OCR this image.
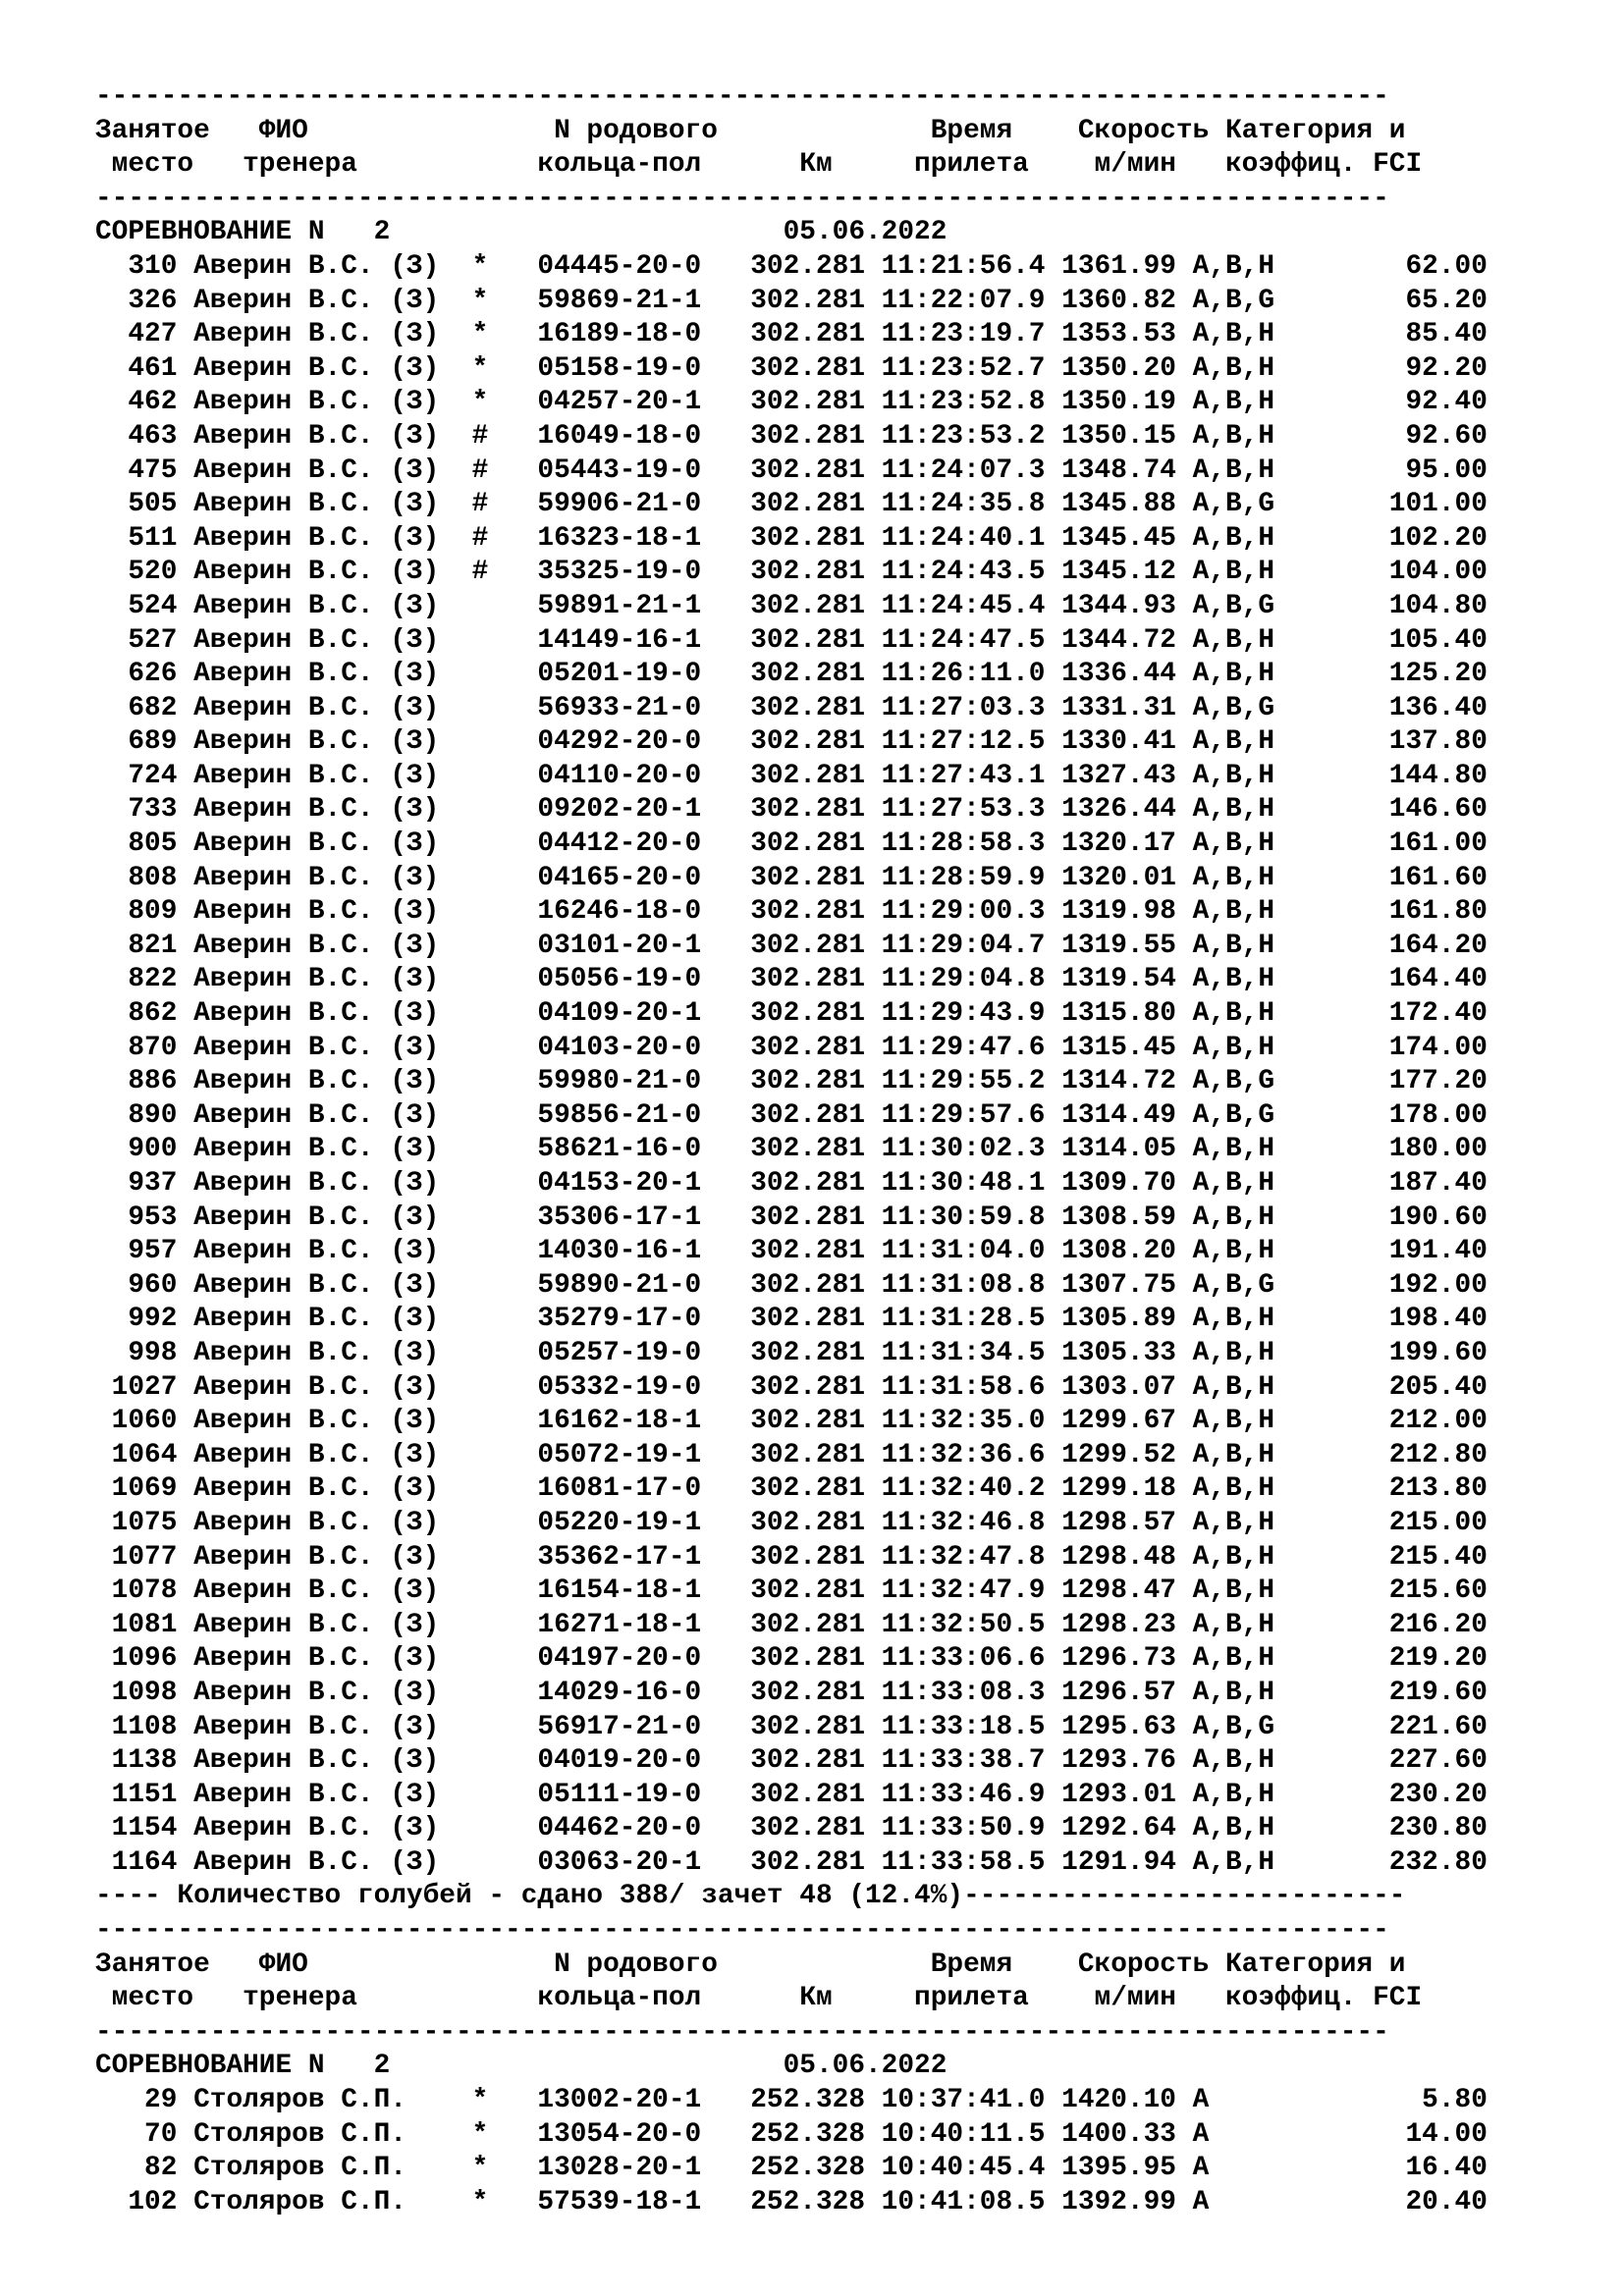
-------------------------------------------------------------------------------
Занятое   ФИО               N родового             Время    Скорость Категория и
место   тренера           кольца-пол      Км     прилета    м/мин   коэффиц. FCI
-------------------------------------------------------------------------------
СОРЕВНОВАНИЕ N   2                        05.06.2022
310 Аверин В.С. (З)  *   04445-20-0   302.281 11:21:56.4 1361.99 A,B,H        62.00
326 Аверин В.С. (З)  *   59869-21-1   302.281 11:22:07.9 1360.82 A,B,G        65.20
427 Аверин В.С. (З)  *   16189-18-0   302.281 11:23:19.7 1353.53 A,B,H        85.40
461 Аверин В.С. (З)  *   05158-19-0   302.281 11:23:52.7 1350.20 A,B,H        92.20
462 Аверин В.С. (З)  *   04257-20-1   302.281 11:23:52.8 1350.19 A,B,H        92.40
463 Аверин В.С. (З)  #   16049-18-0   302.281 11:23:53.2 1350.15 A,B,H        92.60
475 Аверин В.С. (З)  #   05443-19-0   302.281 11:24:07.3 1348.74 A,B,H        95.00
505 Аверин В.С. (З)  #   59906-21-0   302.281 11:24:35.8 1345.88 A,B,G       101.00
511 Аверин В.С. (З)  #   16323-18-1   302.281 11:24:40.1 1345.45 A,B,H       102.20
520 Аверин В.С. (З)  #   35325-19-0   302.281 11:24:43.5 1345.12 A,B,H       104.00
524 Аверин В.С. (З)      59891-21-1   302.281 11:24:45.4 1344.93 A,B,G       104.80
527 Аверин В.С. (З)      14149-16-1   302.281 11:24:47.5 1344.72 A,B,H       105.40
626 Аверин В.С. (З)      05201-19-0   302.281 11:26:11.0 1336.44 A,B,H       125.20
682 Аверин В.С. (З)      56933-21-0   302.281 11:27:03.3 1331.31 A,B,G       136.40
689 Аверин В.С. (З)      04292-20-0   302.281 11:27:12.5 1330.41 A,B,H       137.80
724 Аверин В.С. (З)      04110-20-0   302.281 11:27:43.1 1327.43 A,B,H       144.80
733 Аверин В.С. (З)      09202-20-1   302.281 11:27:53.3 1326.44 A,B,H       146.60
805 Аверин В.С. (З)      04412-20-0   302.281 11:28:58.3 1320.17 A,B,H       161.00
808 Аверин В.С. (З)      04165-20-0   302.281 11:28:59.9 1320.01 A,B,H       161.60
809 Аверин В.С. (З)      16246-18-0   302.281 11:29:00.3 1319.98 A,B,H       161.80
821 Аверин В.С. (З)      03101-20-1   302.281 11:29:04.7 1319.55 A,B,H       164.20
822 Аверин В.С. (З)      05056-19-0   302.281 11:29:04.8 1319.54 A,B,H       164.40
862 Аверин В.С. (З)      04109-20-1   302.281 11:29:43.9 1315.80 A,B,H       172.40
870 Аверин В.С. (З)      04103-20-0   302.281 11:29:47.6 1315.45 A,B,H       174.00
886 Аверин В.С. (З)      59980-21-0   302.281 11:29:55.2 1314.72 A,B,G       177.20
890 Аверин В.С. (З)      59856-21-0   302.281 11:29:57.6 1314.49 A,B,G       178.00
900 Аверин В.С. (З)      58621-16-0   302.281 11:30:02.3 1314.05 A,B,H       180.00
937 Аверин В.С. (З)      04153-20-1   302.281 11:30:48.1 1309.70 A,B,H       187.40
953 Аверин В.С. (З)      35306-17-1   302.281 11:30:59.8 1308.59 A,B,H       190.60
957 Аверин В.С. (З)      14030-16-1   302.281 11:31:04.0 1308.20 A,B,H       191.40
960 Аверин В.С. (З)      59890-21-0   302.281 11:31:08.8 1307.75 A,B,G       192.00
992 Аверин В.С. (З)      35279-17-0   302.281 11:31:28.5 1305.89 A,B,H       198.40
998 Аверин В.С. (З)      05257-19-0   302.281 11:31:34.5 1305.33 A,B,H       199.60
1027 Аверин В.С. (З)      05332-19-0   302.281 11:31:58.6 1303.07 A,B,H       205.40
1060 Аверин В.С. (З)      16162-18-1   302.281 11:32:35.0 1299.67 A,B,H       212.00
1064 Аверин В.С. (З)      05072-19-1   302.281 11:32:36.6 1299.52 A,B,H       212.80
1069 Аверин В.С. (З)      16081-17-0   302.281 11:32:40.2 1299.18 A,B,H       213.80
1075 Аверин В.С. (З)      05220-19-1   302.281 11:32:46.8 1298.57 A,B,H       215.00
1077 Аверин В.С. (З)      35362-17-1   302.281 11:32:47.8 1298.48 A,B,H       215.40
1078 Аверин В.С. (З)      16154-18-1   302.281 11:32:47.9 1298.47 A,B,H       215.60
1081 Аверин В.С. (З)      16271-18-1   302.281 11:32:50.5 1298.23 A,B,H       216.20
1096 Аверин В.С. (З)      04197-20-0   302.281 11:33:06.6 1296.73 A,B,H       219.20
1098 Аверин В.С. (З)      14029-16-0   302.281 11:33:08.3 1296.57 A,B,H       219.60
1108 Аверин В.С. (З)      56917-21-0   302.281 11:33:18.5 1295.63 A,B,G       221.60
1138 Аверин В.С. (З)      04019-20-0   302.281 11:33:38.7 1293.76 A,B,H       227.60
1151 Аверин В.С. (З)      05111-19-0   302.281 11:33:46.9 1293.01 A,B,H       230.20
1154 Аверин В.С. (З)      04462-20-0   302.281 11:33:50.9 1292.64 A,B,H       230.80
1164 Аверин В.С. (З)      03063-20-1   302.281 11:33:58.5 1291.94 A,B,H       232.80
---- Количество голубей - сдано 388/ зачет 48 (12.4%)---------------------------
-------------------------------------------------------------------------------
Занятое   ФИО               N родового             Время    Скорость Категория и
место   тренера           кольца-пол      Км     прилета    м/мин   коэффиц. FCI
-------------------------------------------------------------------------------
СОРЕВНОВАНИЕ N   2                        05.06.2022
29 Столяров С.П.    *   13002-20-1   252.328 10:37:41.0 1420.10 A             5.80
70 Столяров С.П.    *   13054-20-0   252.328 10:40:11.5 1400.33 A            14.00
82 Столяров С.П.    *   13028-20-1   252.328 10:40:45.4 1395.95 A            16.40
102 Столяров С.П.    *   57539-18-1   252.328 10:41:08.5 1392.99 A            20.40
